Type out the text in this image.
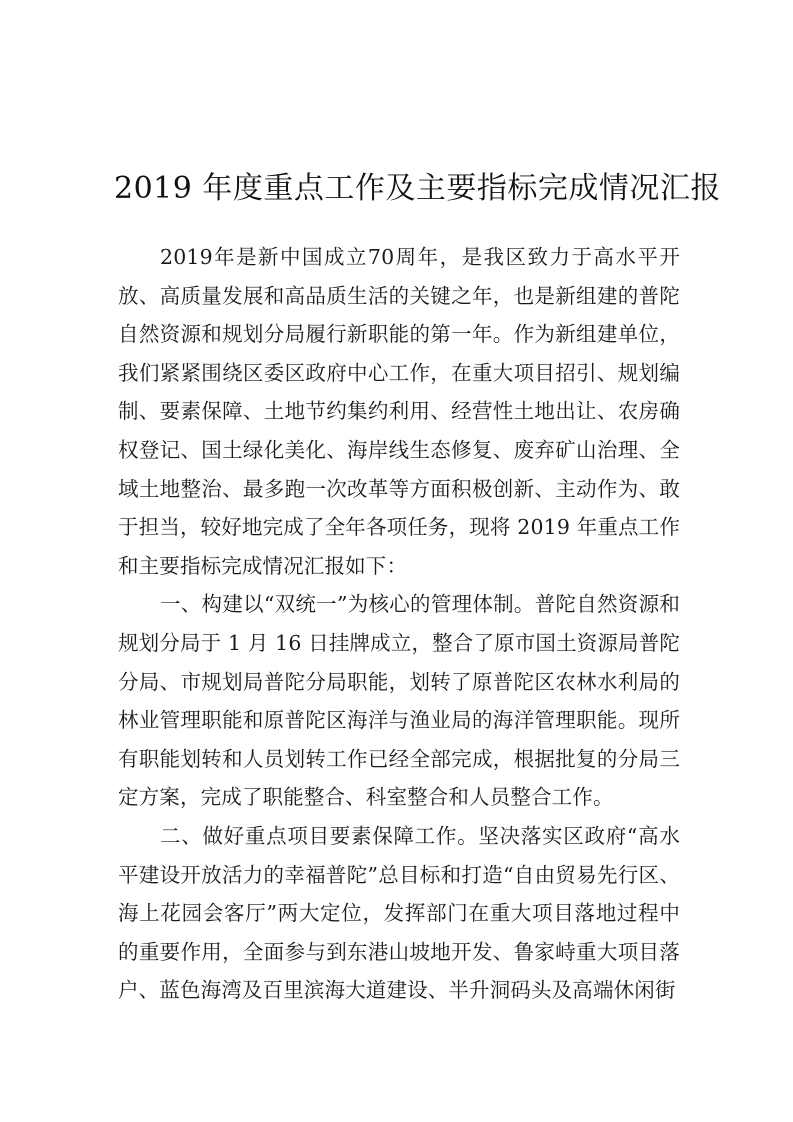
2019 年度重点工作及主要指标完成情况汇报

2019年是新中国成立70周年，是我区致力于高水平开放、高质量发展和高品质生活的关键之年，也是新组建的普陀自然资源和规划分局履行新职能的第一年。作为新组建单位，我们紧紧围绕区委区政府中心工作，在重大项目招引、规划编制、要素保障、土地节约集约利用、经营性土地出让、农房确权登记、国土绿化美化、海岸线生态修复、废弃矿山治理、全域土地整治、最多跑一次改革等方面积极创新、主动作为、敢于担当，较好地完成了全年各项任务，现将 2019 年重点工作和主要指标完成情况汇报如下：

一、构建以“双统一”为核心的管理体制。普陀自然资源和规划分局于 1 月 16 日挂牌成立，整合了原市国土资源局普陀分局、市规划局普陀分局职能，划转了原普陀区农林水利局的林业管理职能和原普陀区海洋与渔业局的海洋管理职能。现所有职能划转和人员划转工作已经全部完成，根据批复的分局三定方案，完成了职能整合、科室整合和人员整合工作。

二、做好重点项目要素保障工作。坚决落实区政府“高水平建设开放活力的幸福普陀”总目标和打造“自由贸易先行区、海上花园会客厅”两大定位，发挥部门在重大项目落地过程中的重要作用，全面参与到东港山坡地开发、鲁家峙重大项目落户、蓝色海湾及百里滨海大道建设、半升洞码头及高端休闲街
